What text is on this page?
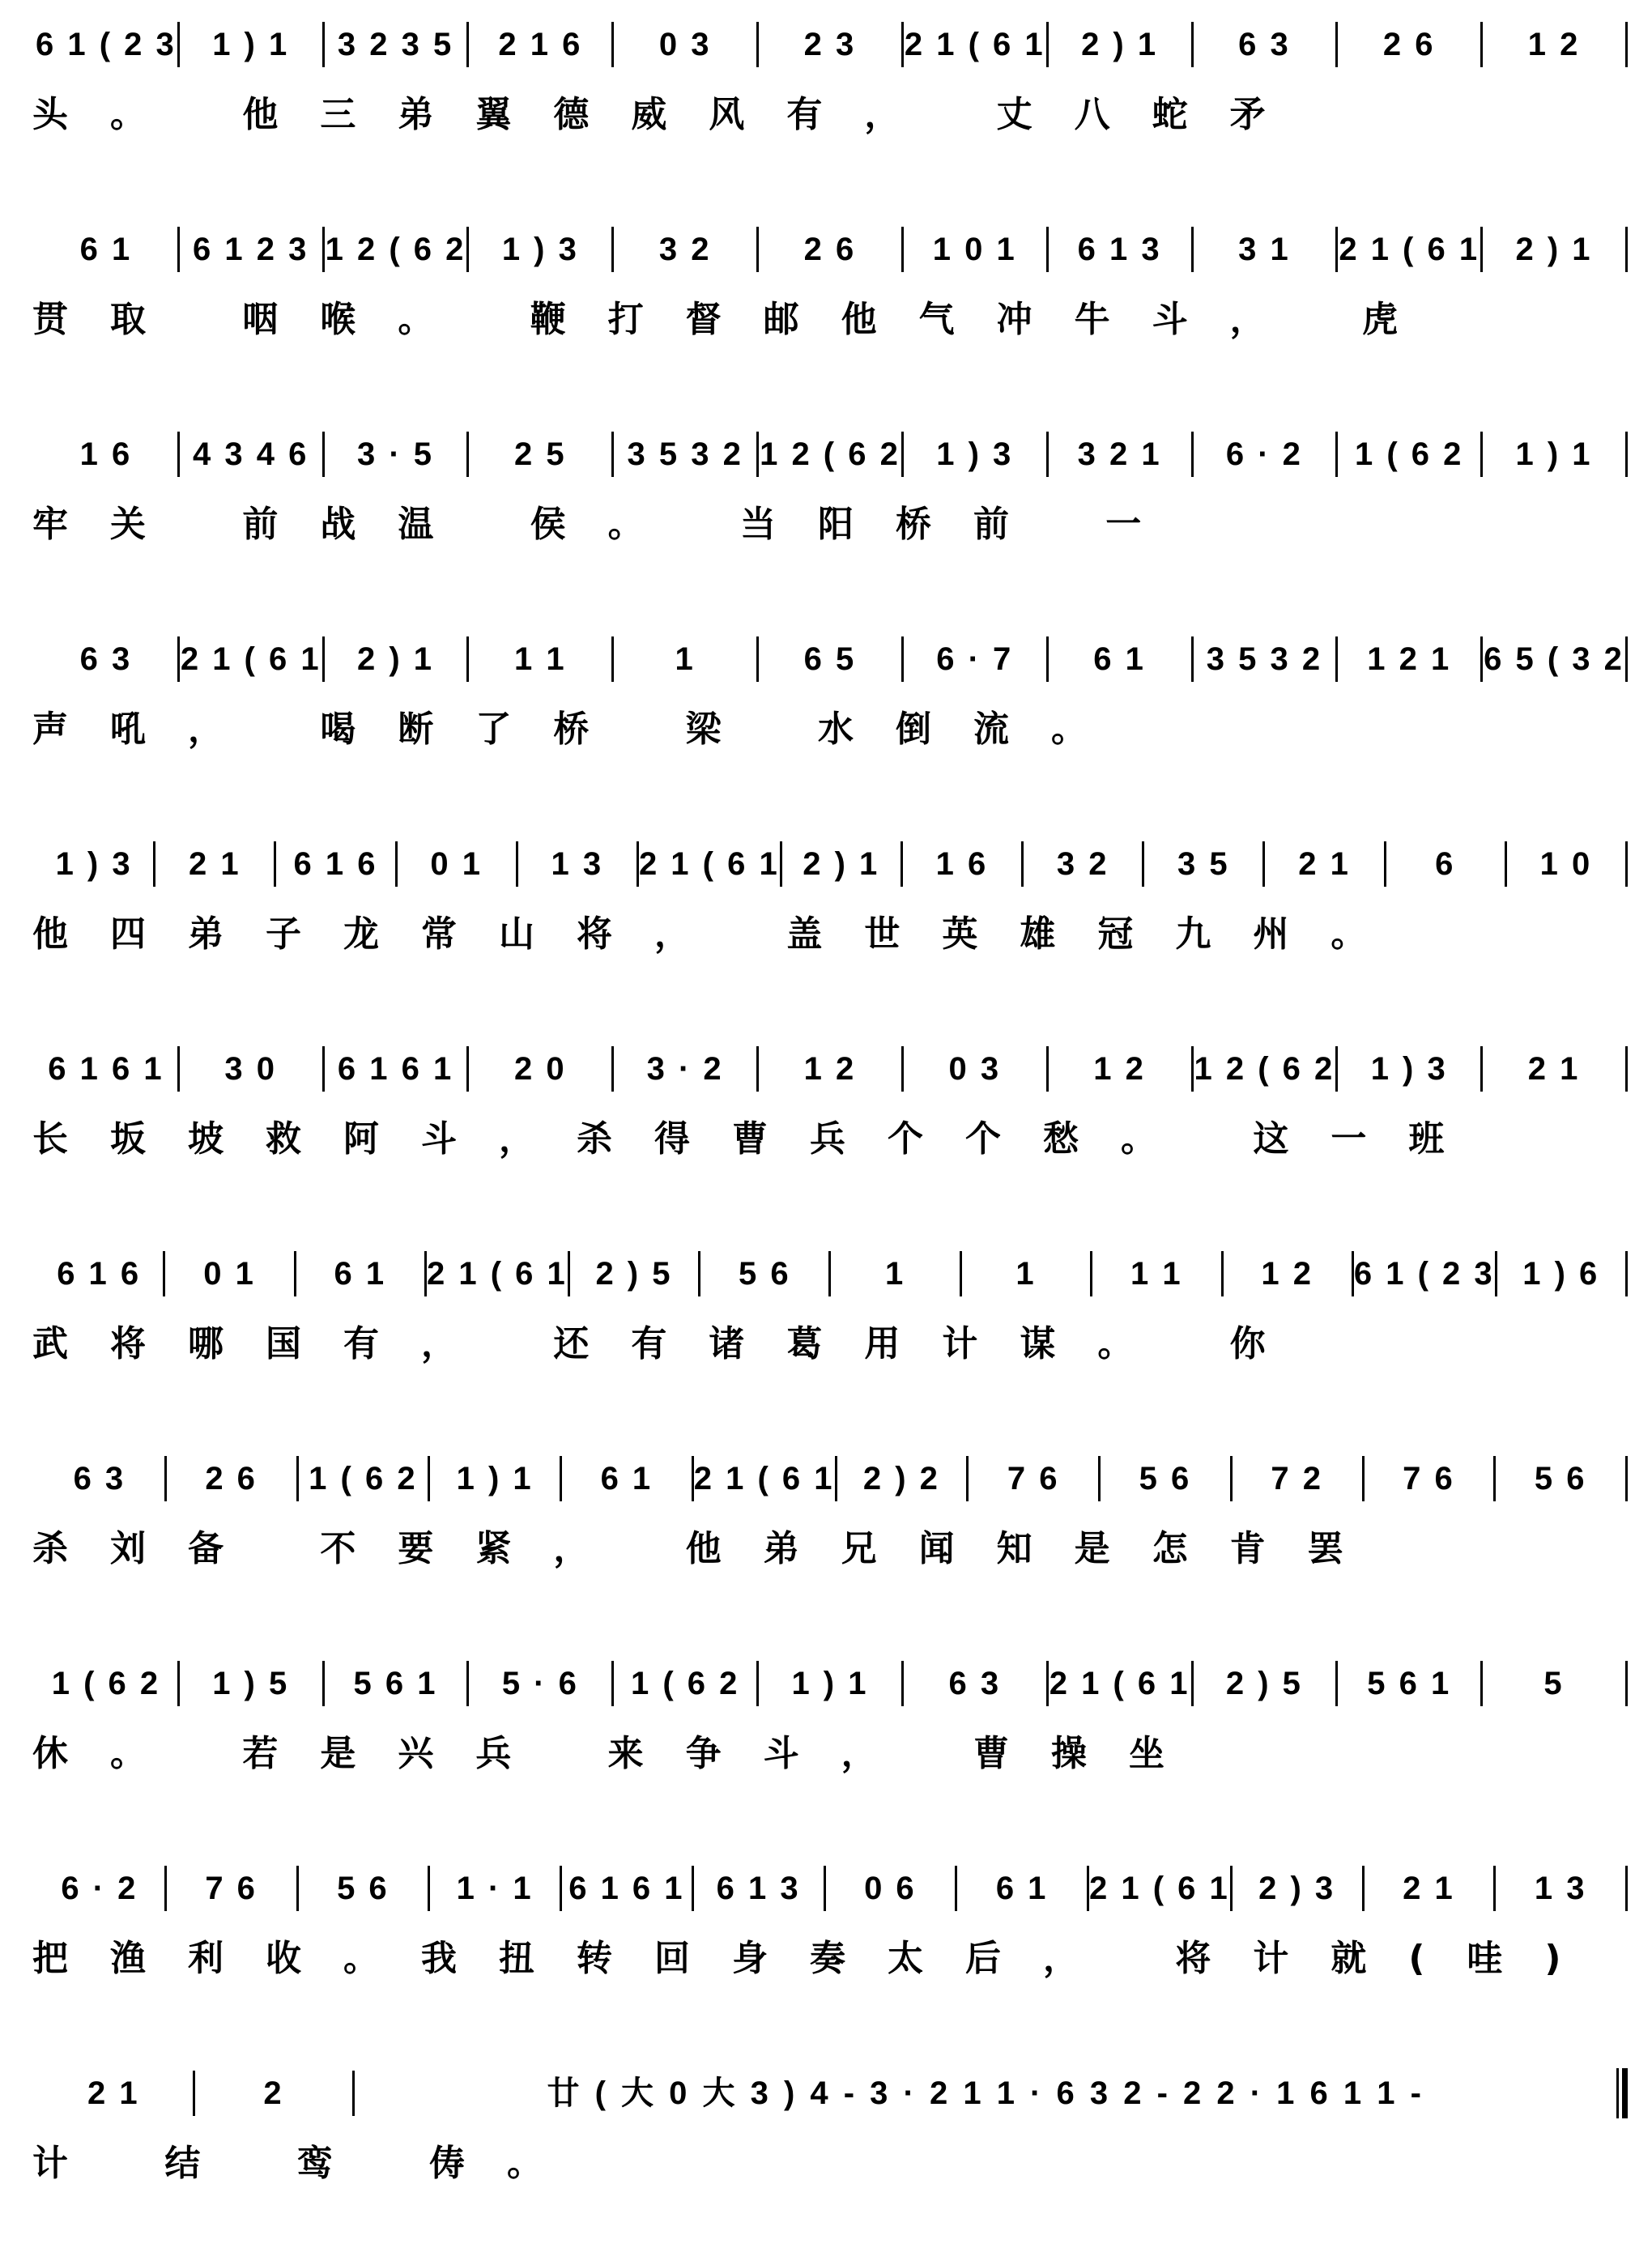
6 1 ( 2 3	1 ) 1	3 2 3 5	2 1 6	0 3	2 3	2 1 ( 6 1	2 ) 1	6 3	2 6	1 2
头。 他三弟翼德威风有， 丈八蛇矛
6 1	6 1 2 3 1 2 ( 6 2	1 ) 3	3 2	2 6	1 0 1	6 1 3	3 1	2 1 ( 6 1	2 ) 1
贯取 咽喉。 鞭打督邮他气冲牛斗， 虎
1 6	4 3 4 6	3 · 5	2 5	3 5 3 2 1 2 ( 6 2	1 ) 3	3 2 1	6 · 2	1 ( 6 2	1 ) 1
牢关 前战温 侯。 当阳桥前 一
6 3	2 1 ( 6 1	2 ) 1	1 1	1	6 5	6 · 7	6 1	3 5 3 2	1 2 1 6 5 ( 3 2
声吼， 喝断了桥 梁 水倒流。
1 ) 3	2 1	6 1 6	0 1	1 3	2 1 ( 6 1 2 ) 1	1 6	3 2	3 5	2 1	6	1 0
他四弟子龙常山将， 盖世英雄冠九州。
6 1 6 1	3 0	6 1 6 1	2 0	3 · 2	1 2	0 3	1 2	1 2 ( 6 2	1 ) 3	2 1
长坂坡救阿斗，杀得曹兵个个愁。 这一班
6 1 6	0 1	6 1	2 1 ( 6 1 2 ) 5	5 6	1	1	1 1	1 2	6 1 ( 2 3 1 ) 6
武将哪国有， 还有诸葛用计谋。 你
6 3	2 6	1 ( 6 2	1 ) 1	6 1	2 1 ( 6 1 2 ) 2	7 6	5 6	7 2	7 6	5 6
杀刘备 不要紧， 他弟兄闻知是怎肯罢
1 ( 6 2	1 ) 5	5 6 1	5 · 6	1 ( 6 2	1 ) 1	6 3	2 1 ( 6 1	2 ) 5	5 6 1	5
休。 若是兴兵 来争斗， 曹操坐
6 · 2	7 6	5 6	1 · 1	6 1 6 1 6 1 3	0 6	6 1	2 1 ( 6 1 2 ) 3	2 1	1 3
把渔利收。我扭转回身奏太后， 将计就(哇)
2 1	2	廿 ( 大 0 大 3 ) 4 - 3 · 2 1 1 · 6 3 2 - 2 2 · 1 6 1 1 -
计 结 鸾 俦。
